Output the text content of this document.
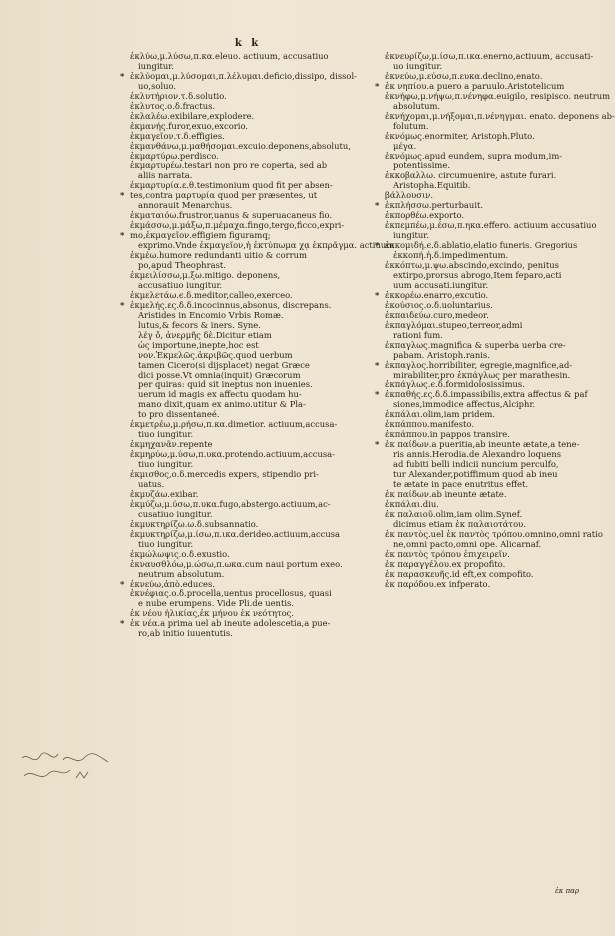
k k

ἐκλύω,μ.λύσω,π.κα.eleuo. actiuum, accusatiuo

iungitur.

* ἐκλύομαι,μ.λύσομαι,π.λέλυμαι.deficio,dissipo, dissol-

uo,soluo.

ἐκλυτήριον.τ.δ.solutio.

ἐκλυτος.ο.δ.fractus.

ἐκλαλέω.exibilare,explodere.

ἐκμανής.furor,exuo,excorio.

ἐκμαγεῖον.τ.δ.effigies.

ἐκμανθάνω,μ.μαθήσομαι.excuio.deponens,absolutu,

ἐκμαρτύρω.perdisco.

ἐκμαρτυρέω.testari non pro re coperta, sed ab

aliis narrata.

ἐκμαρτυρία.ε.θ.testimonium quod fit per absen-

* tes,contra μαρτυρία quod per præsentes, ut

annorauit Menarchus.

ἐκματαιόω.frustror,uanus & superuacaneus fio.

ἐκμάσσω,μ.μάξω,π.μέμαχα.fingo,tergo,ficco,expri-

* mo,ἐκμαγεῖον.effigiem figuramq;

exprimo.Vnde ἐκμαγεῖον,ἡ ἐκτύπωμα χᾳ ἐκπρᾶγμα. actiuum

ἐκμέω.humore redundanti uitio & corrum

po,apud Theophrast.

ἐκμειλίσσω,μ.ξω.mitigo. deponens,

accusatiuo iungitur.

ἐκμελετάω.ϵ.δ.meditor,calleo,exerceo.

* ἐκμελής.ες.δ.δ.incocinnus,absonus, discrepans.

Aristides in Encomio Vrbis Romæ.
lutus,& fecors & iners. Syne.
λέγ ὄ, ἀνερμῆς δὲ.Dicitur etiam
ὡς importune,inepte,hoc est
νον.Ἐκμελῶς.ἀκριβῶς.quod uerbum
tamen Cicero(si dijsplacet) negat Græce
dici posse.Vt omnia(inquit) Græcorum
per quiras: quid sit ineptus non inuenies.
uerum id magis ex affectu quodam hu-
mano dixit,quam ex animo.utitur & Pla-
to pro dissentaneé.

ἐκμετρέω,μ.ρήσω,π.κα.dimetior. actiuum,accusa-

tiuo iungitur.

ἐκμηχανᾶν.repente

ἐκμηρύω,μ.ύσω,π.υκα.protendo.actiuum,accusa-

tiuo iungitur.

ἐκμισθος,ο.δ.mercedis expers, stipendio pri-

uatus.

ἐκμυζάω.exibar.

ἐκμύζω,μ.ύσω,π.υκα.fugo,abstergo.actiuum,ac-

cusatiuo iungitur.

ἐκμυκτηρίζω.ω.δ.subsannatio.

ἐκμυκτηρίζω,μ.ίσω,π.ικα.derideo.actiuum,accusa

tiuo iungitur.

ἐκμώλωψις.ο.δ.exustio.

ἐκναυσθλόω,μ.ώσω,π.ωκα.cum naui portum exeo.

neutrum absolutum.

* ἐκνεύω,ἀπὸ.educes.

ἐκνέφιας.ο.δ.procella,uentus procellosus, quasi

e nube erumpens. Vide Pli.de uentis.

ἐκ νέου ἡλικίας,ἐκ μήνου ἐκ νεότητος.

* ἐκ νέα.a prima uel ab ineute adolescetia,a pue-

ro,ab initio iuuentutis.

ἐκνευρίζω,μ.ίσω,π.ικα.enerno,actiuum, accusati-

uo iungitur.

ἐκνεύω,μ.εύσω,π.ευκα.declino,enato.

* ἐκ νηπίου.a puero a paruulo.Aristotelicum

ἐκνήφω,μ.νήψω,π.νένηφα.euigilo, resipisco. neutrum

absolutum.

ἐκνήχομαι,μ.νήξομαι,π.νένηγμαι. enato. deponens ab-

folutum.

ἐκνόμως.enormiter, Aristoph.Pluto.

μέγα.

ἐκνόμως.apud eundem, supra modum,im-

potentissime.

ἐκκοβαλλω. circumuenire, astute furari.

Aristopha.Equitib.

βάλλουσιν.

* ἐκπλήσσω.perturbauit.

ἐκπορθέω.exporto.

ἐκπεμπέω,μ.έσω,π.ηκα.effero. actiuum accusatiuo

iungitur.

* ἐκκομιδή.ϵ.δ.ablatio,elatio funeris. Gregorius

ἐκκοπή.ἡ.δ.impedimentum.

ἐκκόπτω,μ.ψω.abscindo,excindo, penitus

extirpo,prorsus abrogo,Item feparo,acti
uum accusati.iungitur.

* ἐκκορέω.enarro,excutio.

ἐκούσιος.ο.δ.uoluntarius.

ἐκπαιδεύω.curo,medeor.

ἐκπαγλόμαι.stupeo,terreor,admi

rationi fum.

ἐκπαγλως.magnifica & superba uerba cre-

pabam. Aristoph.ranis.

* ἐκπαγλος.horribiliter, egregie,magnifice,ad-

mirabiliter,pro ἐκπάγλως per marathesin.

ἐκπάγλως.ϵ.δ.formidolosissimus.

* ἐκπαθής.ες.δ.δ.impassibilis,extra affectus & paf

siones,immodice affectus,Alciphr.

ἐκπάλαι.olim,iam pridem.

ἐκπάππου.manifesto.

ἐκπάππου.in pappos transire.

* ἐκ παίδων.a pueritia,ab ineunte ætate,a tene-

ris annis.Herodia.de Alexandro loquens
ad fubiti belli indicii nuncium perculfo,
tur Alexander,potiffimum quod ab ineu
te ætate in pace enutritus effet.

ἐκ παίδων.ab ineunte ætate.

ἐκπάλαι.diu.

ἐκ παλαιοῦ.olim,iam olim.Synef.

dicimus etiam ἐκ παλαιοτάτου.

ἐκ παντὸς.uel ἐκ παντὸς τρόπου.omnino,omni ratio

ne,omni pacto,omni ope. Alicarnaf.

ἐκ παντὸς τρόπου ἐπιχειρεῖν.

ἐκ παραγγέλου.ex propofito.

ἐκ παρασκευῆς.id eft,ex compofito.

ἐκ παρόδου.ex infperato.

ἐκ παρ
